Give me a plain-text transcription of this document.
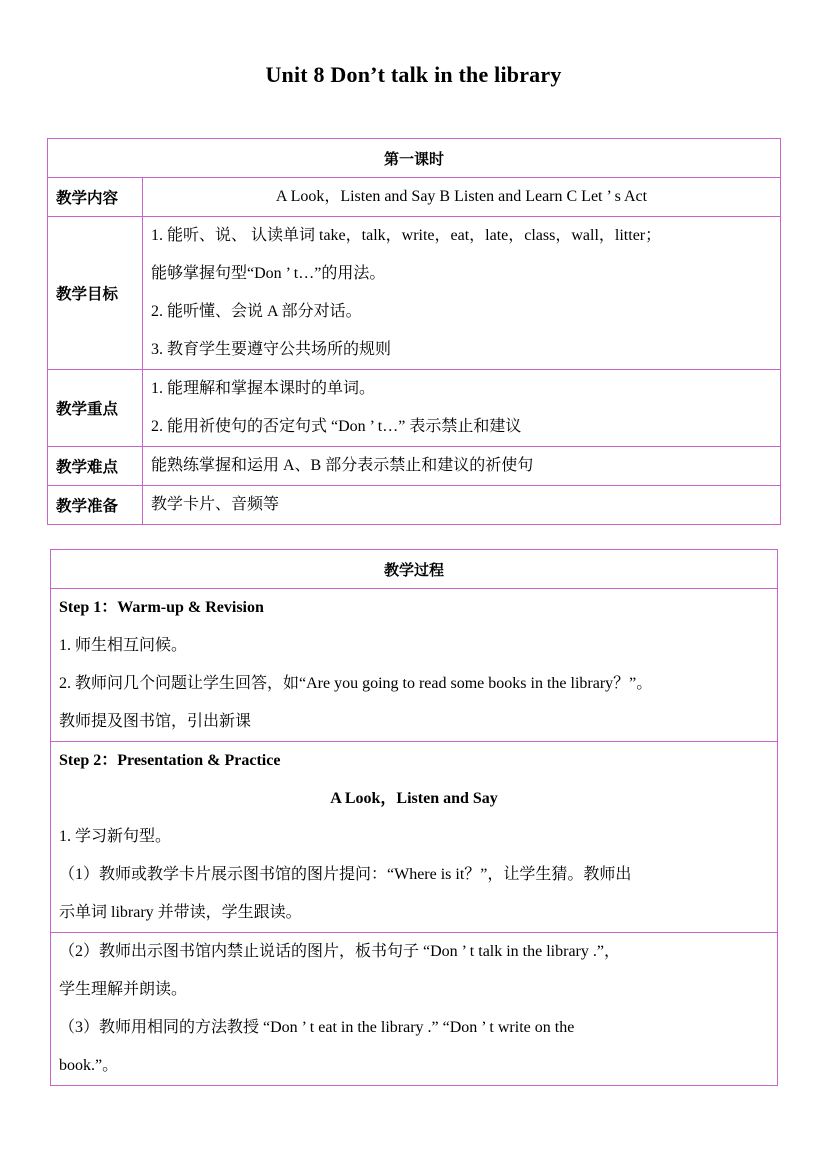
Unit 8 Don’t talk in the library
第一课时	
教学内容	A Look，Listen and Say B Listen and Learn C Let ’ s Act

教学目标	1. 能听、说、 认读单词 take，talk，write，eat，late，class，wall，litter；
能够掌握句型“Don ’ t…”的用法。
2. 能听懂、会说 A 部分对话。
3. 教育学生要遵守公共场所的规则

教学重点	1. 能理解和掌握本课时的单词。
2. 能用祈使句的否定句式 “Don ’ t…” 表示禁止和建议

教学难点	能熟练掌握和运用 A、B 部分表示禁止和建议的祈使句

教学准备	教学卡片、音频等
教学过程

Step 1：Warm-up & Revision
1. 师生相互问候。
2. 教师问几个问题让学生回答，如“Are you going to read some books in the library？”。
教师提及图书馆，引出新课

Step 2：Presentation & Practice
A Look，Listen and Say
1. 学习新句型。
（1）教师或教学卡片展示图书馆的图片提问：“Where is it？”，让学生猜。教师出
示单词 library 并带读，学生跟读。

（2）教师出示图书馆内禁止说话的图片，板书句子 “Don ’ t talk in the library .”，
学生理解并朗读。
（3）教师用相同的方法教授 “Don ’ t eat in the library .” “Don ’ t write on the
book.”。
